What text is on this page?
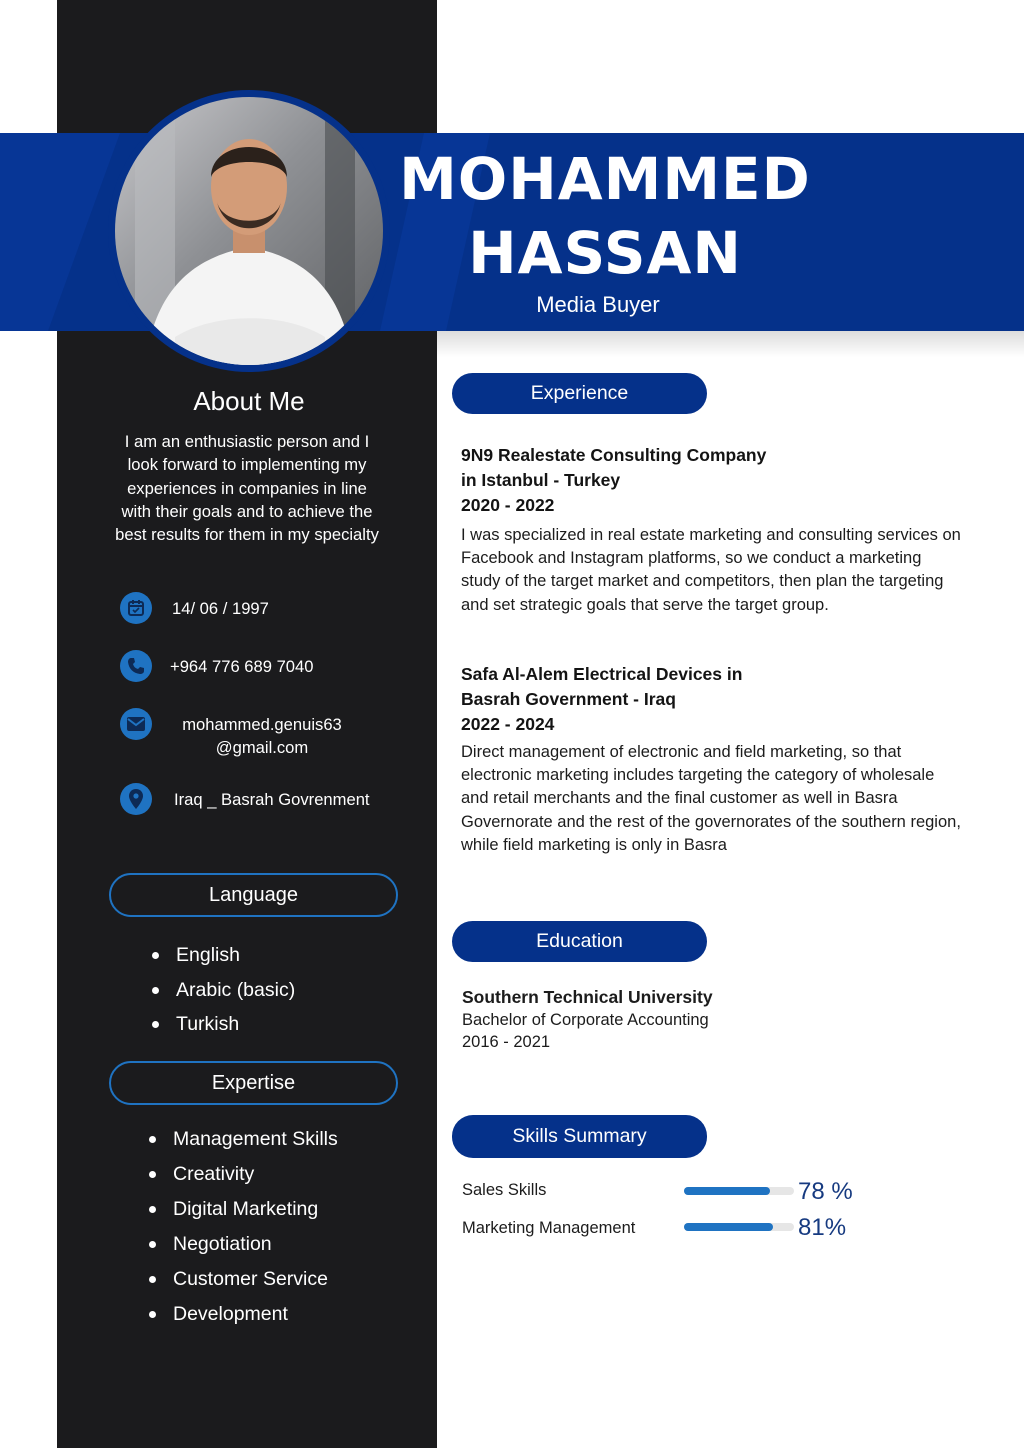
MOHAMMED
HASSAN
Media Buyer
About Me
I am an enthusiastic person and I look forward to implementing my experiences in companies in line with their goals and to achieve the best results for them in my specialty
14/ 06 / 1997
+964 776 689 7040
mohammed.genuis63
@gmail.com
Iraq _ Basrah Govrenment
Language
English
Arabic (basic)
Turkish
Expertise
Management Skills
Creativity
Digital Marketing
Negotiation
Customer Service
Development
Experience
9N9 Realestate Consulting Company
in Istanbul - Turkey
2020 - 2022
I was specialized in real estate marketing and consulting services on Facebook and Instagram platforms, so we conduct a marketing study of the target market and competitors, then plan the targeting and set strategic goals that serve the target group.
Safa Al-Alem Electrical Devices in
Basrah Government - Iraq
2022 - 2024
Direct management of electronic and field marketing, so that electronic marketing includes targeting the category of wholesale and retail merchants and the final customer as well in Basra Governorate and the rest of the governorates of the southern region, while field marketing is only in Basra
Education
Southern Technical University
Bachelor of Corporate Accounting
2016 - 2021
Skills Summary
Sales Skills	78 %
Marketing Management	81%
